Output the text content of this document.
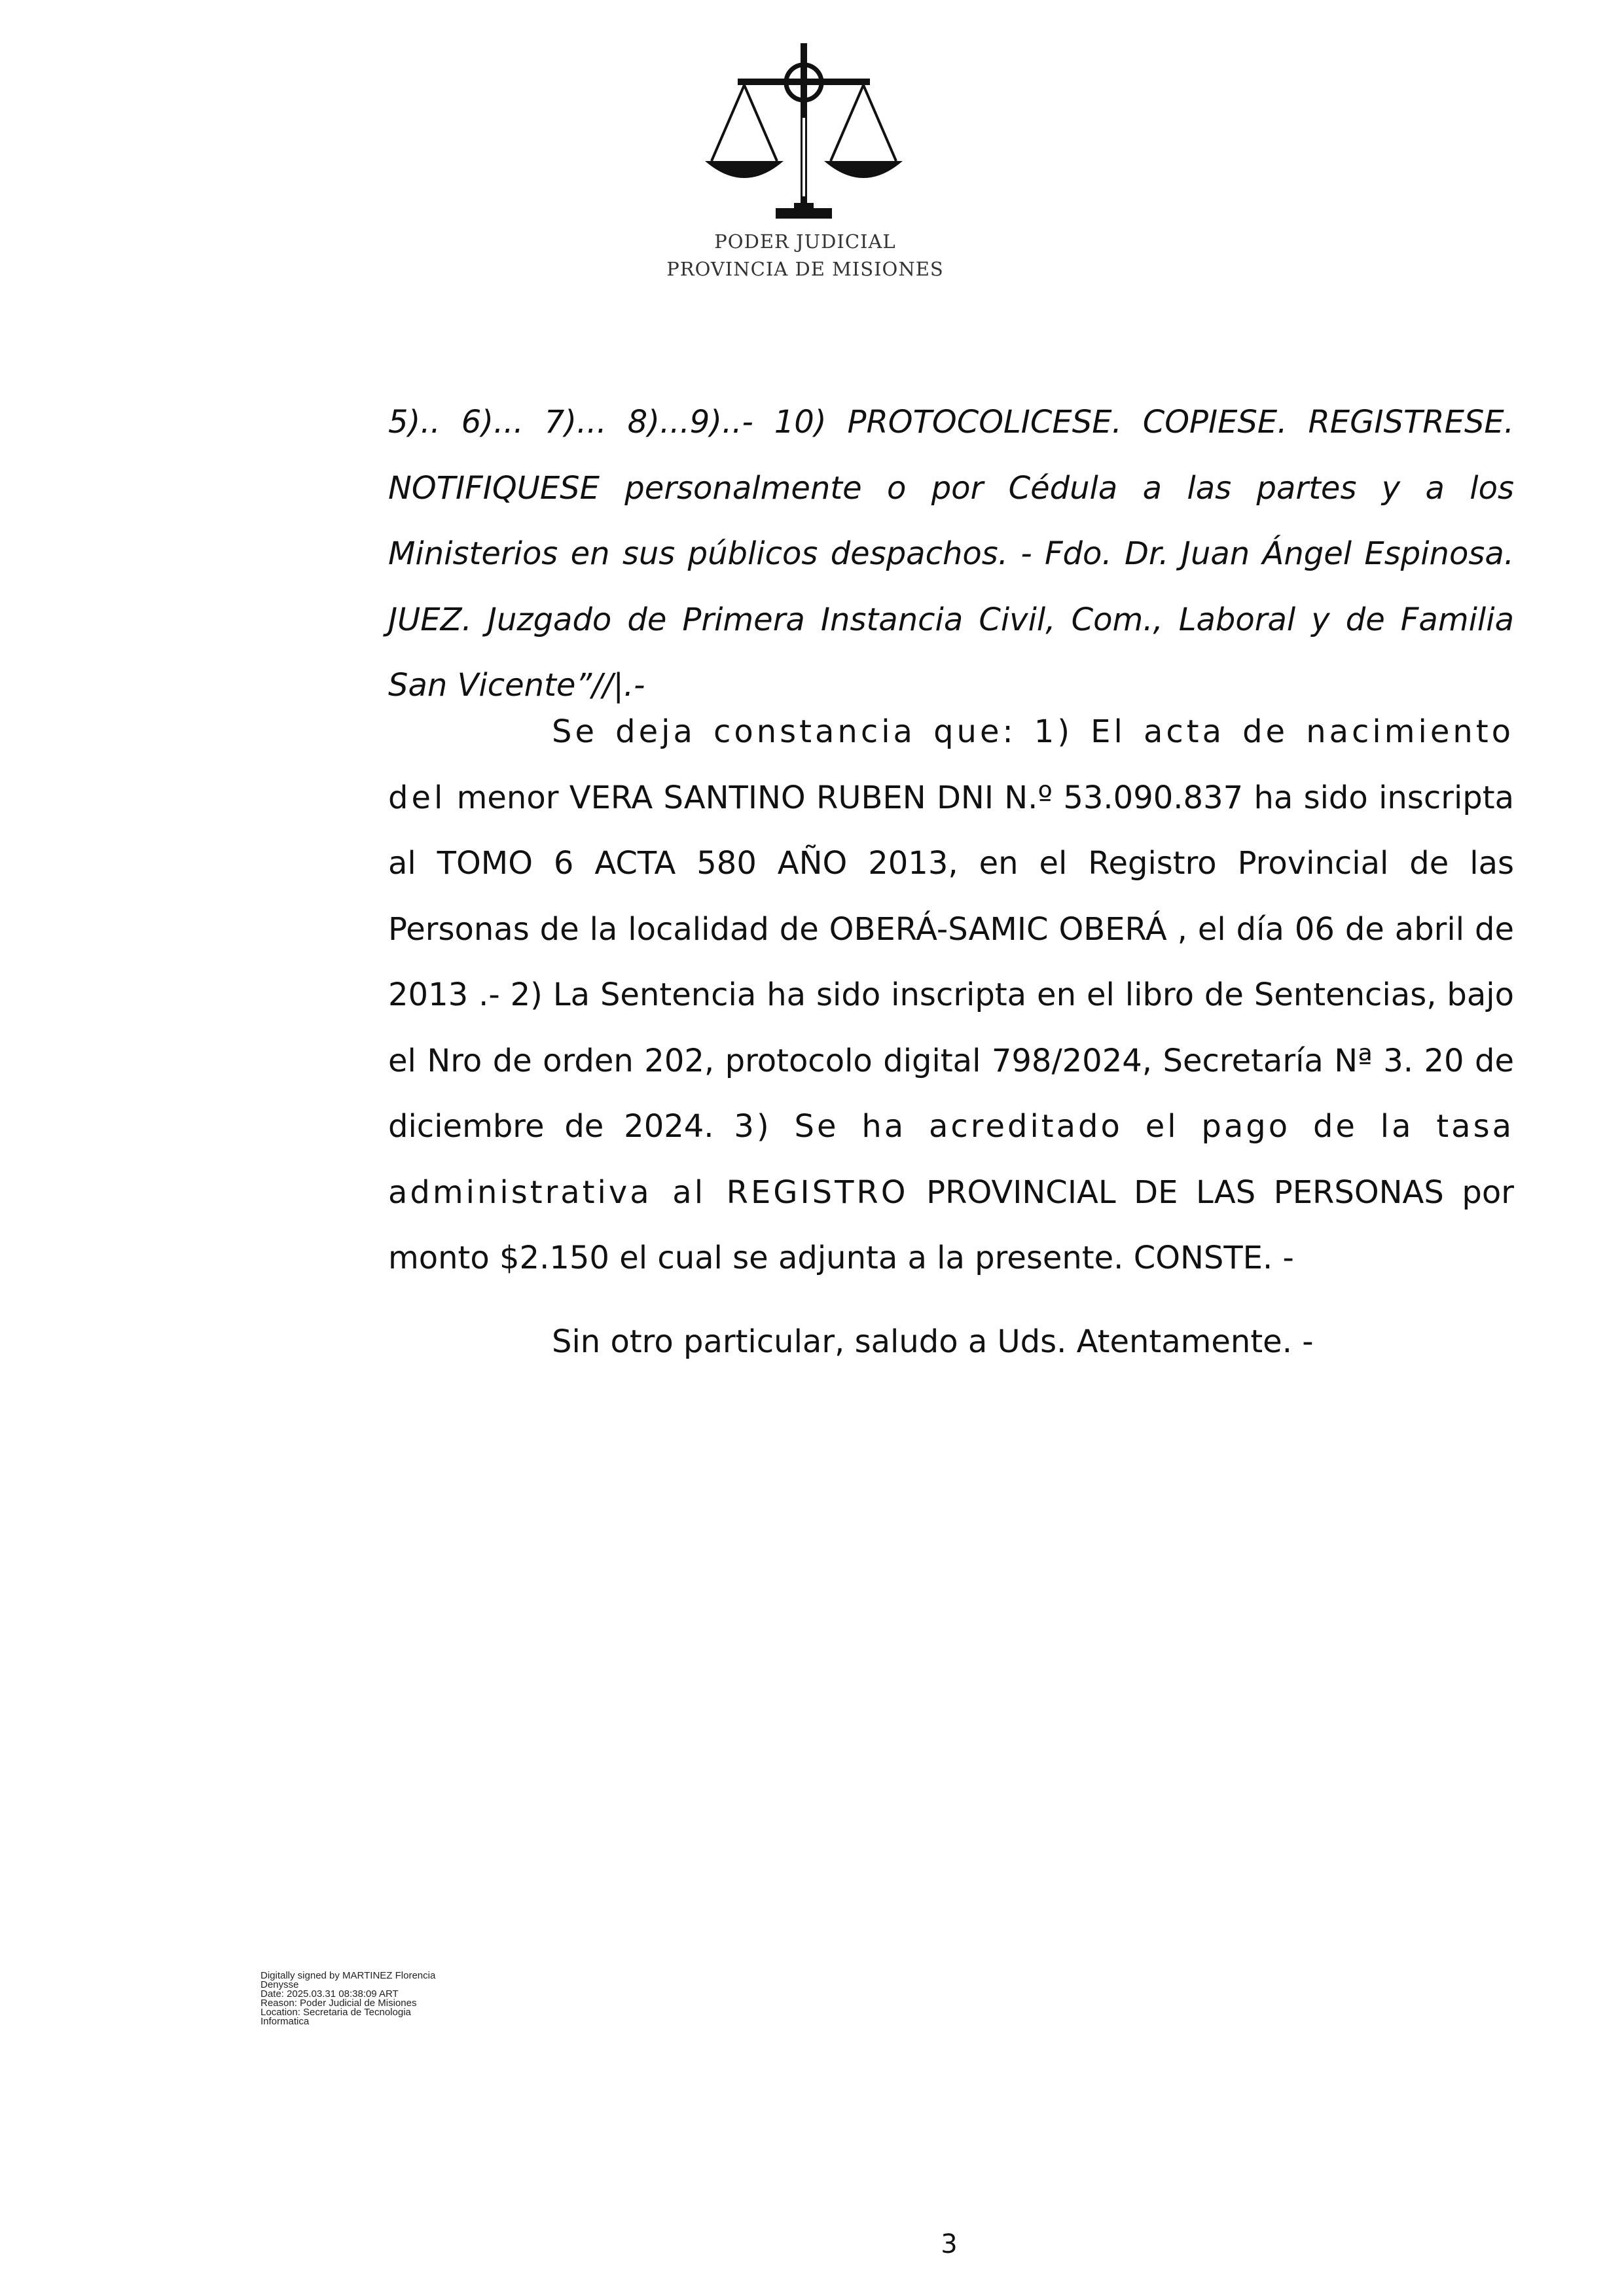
PODER JUDICIAL
PROVINCIA DE MISIONES

5).. 6)... 7)... 8)...9)..- 10) PROTOCOLICESE. COPIESE. REGISTRESE. NOTIFIQUESE personalmente o por Cédula a las partes y a los Ministerios en sus públicos despachos. - Fdo. Dr. Juan Ángel Espinosa. JUEZ. Juzgado de Primera Instancia Civil, Com., Laboral y de Familia San Vicente”//|.-

Se deja constancia que: 1) El acta de nacimiento del menor VERA SANTINO RUBEN DNI N.º 53.090.837 ha sido inscripta al TOMO 6 ACTA 580 AÑO 2013, en el Registro Provincial de las Personas de la localidad de OBERÁ-SAMIC OBERÁ , el día 06 de abril de 2013 .- 2) La Sentencia ha sido inscripta en el libro de Sentencias, bajo el Nro de orden 202, protocolo digital 798/2024, Secretaría Nª 3. 20 de diciembre de 2024. 3) Se ha acreditado el pago de la tasa administrativa al REGISTRO PROVINCIAL DE LAS PERSONAS por monto $2.150 el cual se adjunta a la presente. CONSTE. -

Sin otro particular, saludo a Uds. Atentamente. -

Digitally signed by MARTINEZ Florencia
Denysse
Date: 2025.03.31 08:38:09 ART
Reason: Poder Judicial de Misiones
Location: Secretaria de Tecnologia
Informatica
3
